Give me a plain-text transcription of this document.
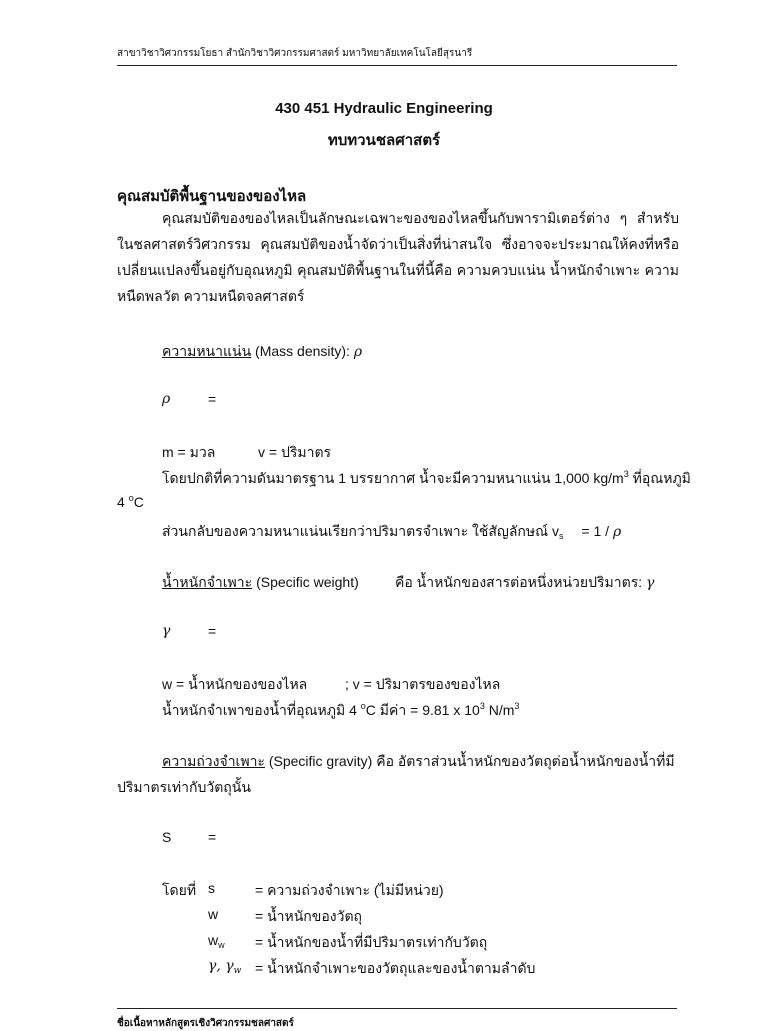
สาขาวิชาวิศวกรรมโยธา สำนักวิชาวิศวกรรมศาสตร์ มหาวิทยาลัยเทคโนโลยีสุรนารี
430 451 Hydraulic Engineering
ทบทวนชลศาสตร์
คุณสมบัติพื้นฐานของของไหล
คุณสมบัติของของไหลเป็นลักษณะเฉพาะของของไหลขึ้นกับพารามิเตอร์ต่าง ๆ สำหรับในชลศาสตร์วิศวกรรม คุณสมบัติของน้ำจัดว่าเป็นสิ่งที่น่าสนใจ ซึ่งอาจจะประมาณให้คงที่หรือเปลี่ยนแปลงขึ้นอยู่กับอุณหภูมิ คุณสมบัติพื้นฐานในที่นี้คือ ความควบแน่น น้ำหนักจำเพาะ ความหนืดพลวัต ความหนืดจลศาสตร์
ความหนาแน่น (Mass density): ρ
ρ	=
m = มวล	v = ปริมาตร
โดยปกติที่ความดันมาตรฐาน 1 บรรยากาศ น้ำจะมีความหนาแน่น 1,000 $kg/m^3$ ที่อุณหภูมิ
4 $^o$C
ส่วนกลับของความหนาแน่นเรียกว่าปริมาตรจำเพาะ ใช้สัญลักษณ์ $v_s = 1 / \rho$
น้ำหนักจำเพาะ (Specific weight)	คือ น้ำหนักของสารต่อหนึ่งหน่วยปริมาตร: γ
γ	=
w = น้ำหนักของของไหล	; v = ปริมาตรของของไหล
น้ำหนักจำเพาของน้ำที่อุณหภูมิ 4 $^o$C มีค่า = 9.81 x $10^3$ $N/m^3$
ความถ่วงจำเพาะ (Specific gravity) คือ อัตราส่วนน้ำหนักของวัตถุต่อน้ำหนักของน้ำที่มี
ปริมาตรเท่ากับวัตถุนั้น
S	=
โดยที่ s	= ความถ่วงจำเพาะ (ไม่มีหน่วย)
w	= น้ำหนักของวัตถุ
$w_w$ = น้ำหนักของน้ำที่มีปริมาตรเท่ากับวัตถุ
γ, $\gamma_w$ = น้ำหนักจำเพาะของวัตถุและของน้ำตามลำดับ
ชื่อเนื้อหาหลักสูตรเชิงวิศวกรรมชลศาสตร์
